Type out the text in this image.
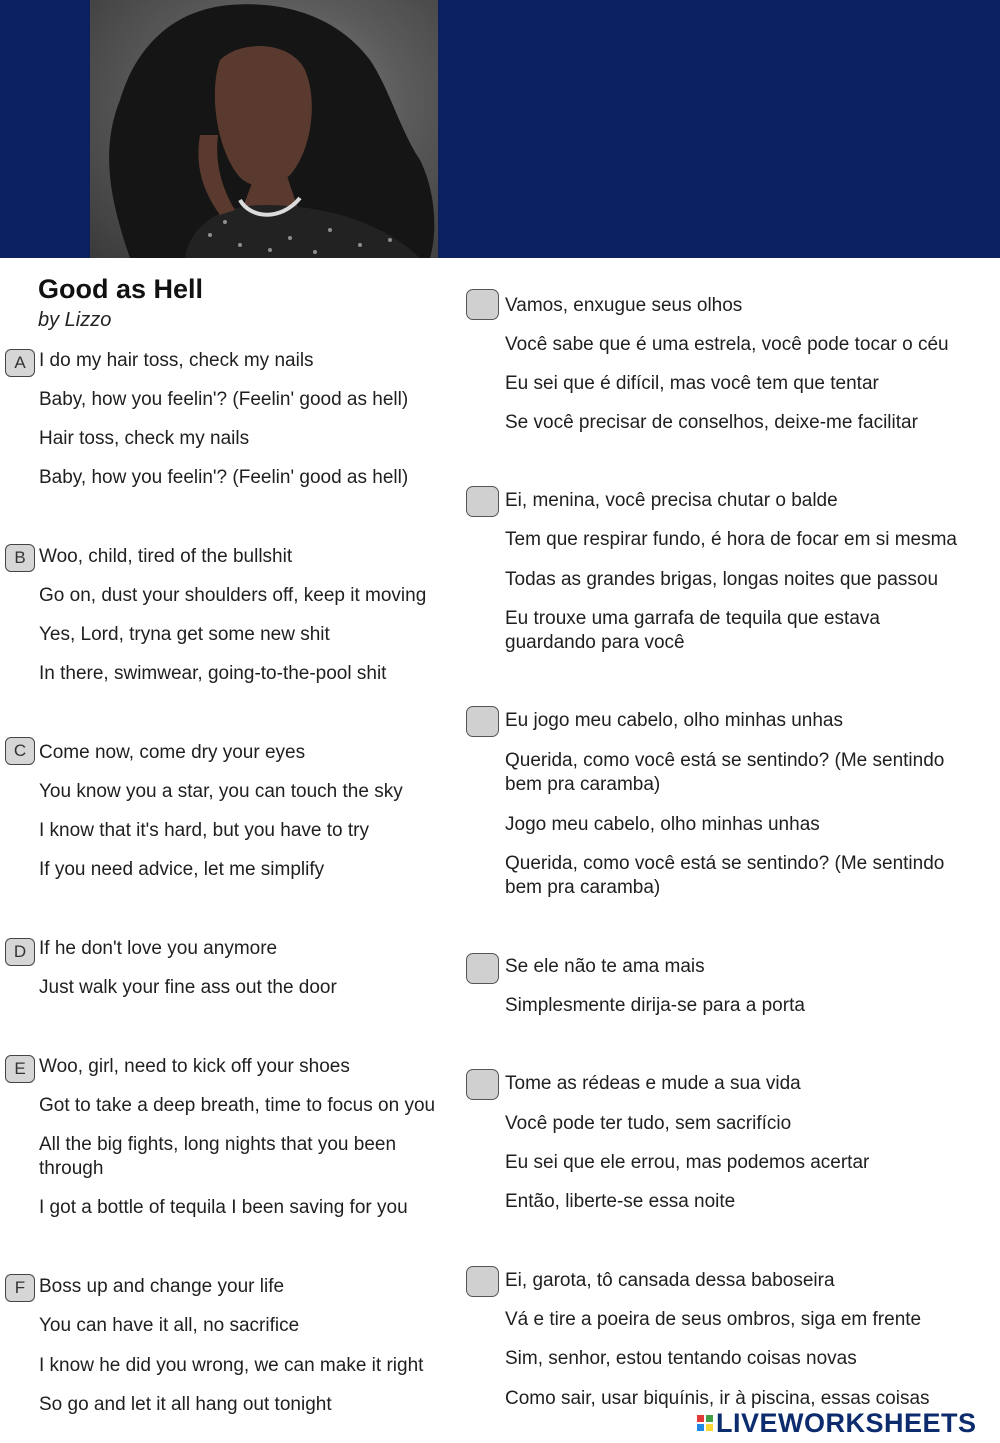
Good as Hell
by Lizzo
A I do my hair toss, check my nails
Baby, how you feelin'? (Feelin' good as hell)
Hair toss, check my nails
Baby, how you feelin'? (Feelin' good as hell)
B Woo, child, tired of the bullshit
Go on, dust your shoulders off, keep it moving
Yes, Lord, tryna get some new shit
In there, swimwear, going-to-the-pool shit
C Come now, come dry your eyes
You know you a star, you can touch the sky
I know that it's hard, but you have to try
If you need advice, let me simplify
D If he don't love you anymore
Just walk your fine ass out the door
E Woo, girl, need to kick off your shoes
Got to take a deep breath, time to focus on you
All the big fights, long nights that you been through
I got a bottle of tequila I been saving for you
F Boss up and change your life
You can have it all, no sacrifice
I know he did you wrong, we can make it right
So go and let it all hang out tonight
Vamos, enxugue seus olhos
Você sabe que é uma estrela, você pode tocar o céu
Eu sei que é difícil, mas você tem que tentar
Se você precisar de conselhos, deixe-me facilitar
Ei, menina, você precisa chutar o balde
Tem que respirar fundo, é hora de focar em si mesma
Todas as grandes brigas, longas noites que passou
Eu trouxe uma garrafa de tequila que estava guardando para você
Eu jogo meu cabelo, olho minhas unhas
Querida, como você está se sentindo? (Me sentindo bem pra caramba)
Jogo meu cabelo, olho minhas unhas
Querida, como você está se sentindo? (Me sentindo bem pra caramba)
Se ele não te ama mais
Simplesmente dirija-se para a porta
Tome as rédeas e mude a sua vida
Você pode ter tudo, sem sacrifício
Eu sei que ele errou, mas podemos acertar
Então, liberte-se essa noite
Ei, garota, tô cansada dessa baboseira
Vá e tire a poeira de seus ombros, siga em frente
Sim, senhor, estou tentando coisas novas
Como sair, usar biquínis, ir à piscina, essas coisas
LIVEWORKSHEETS
